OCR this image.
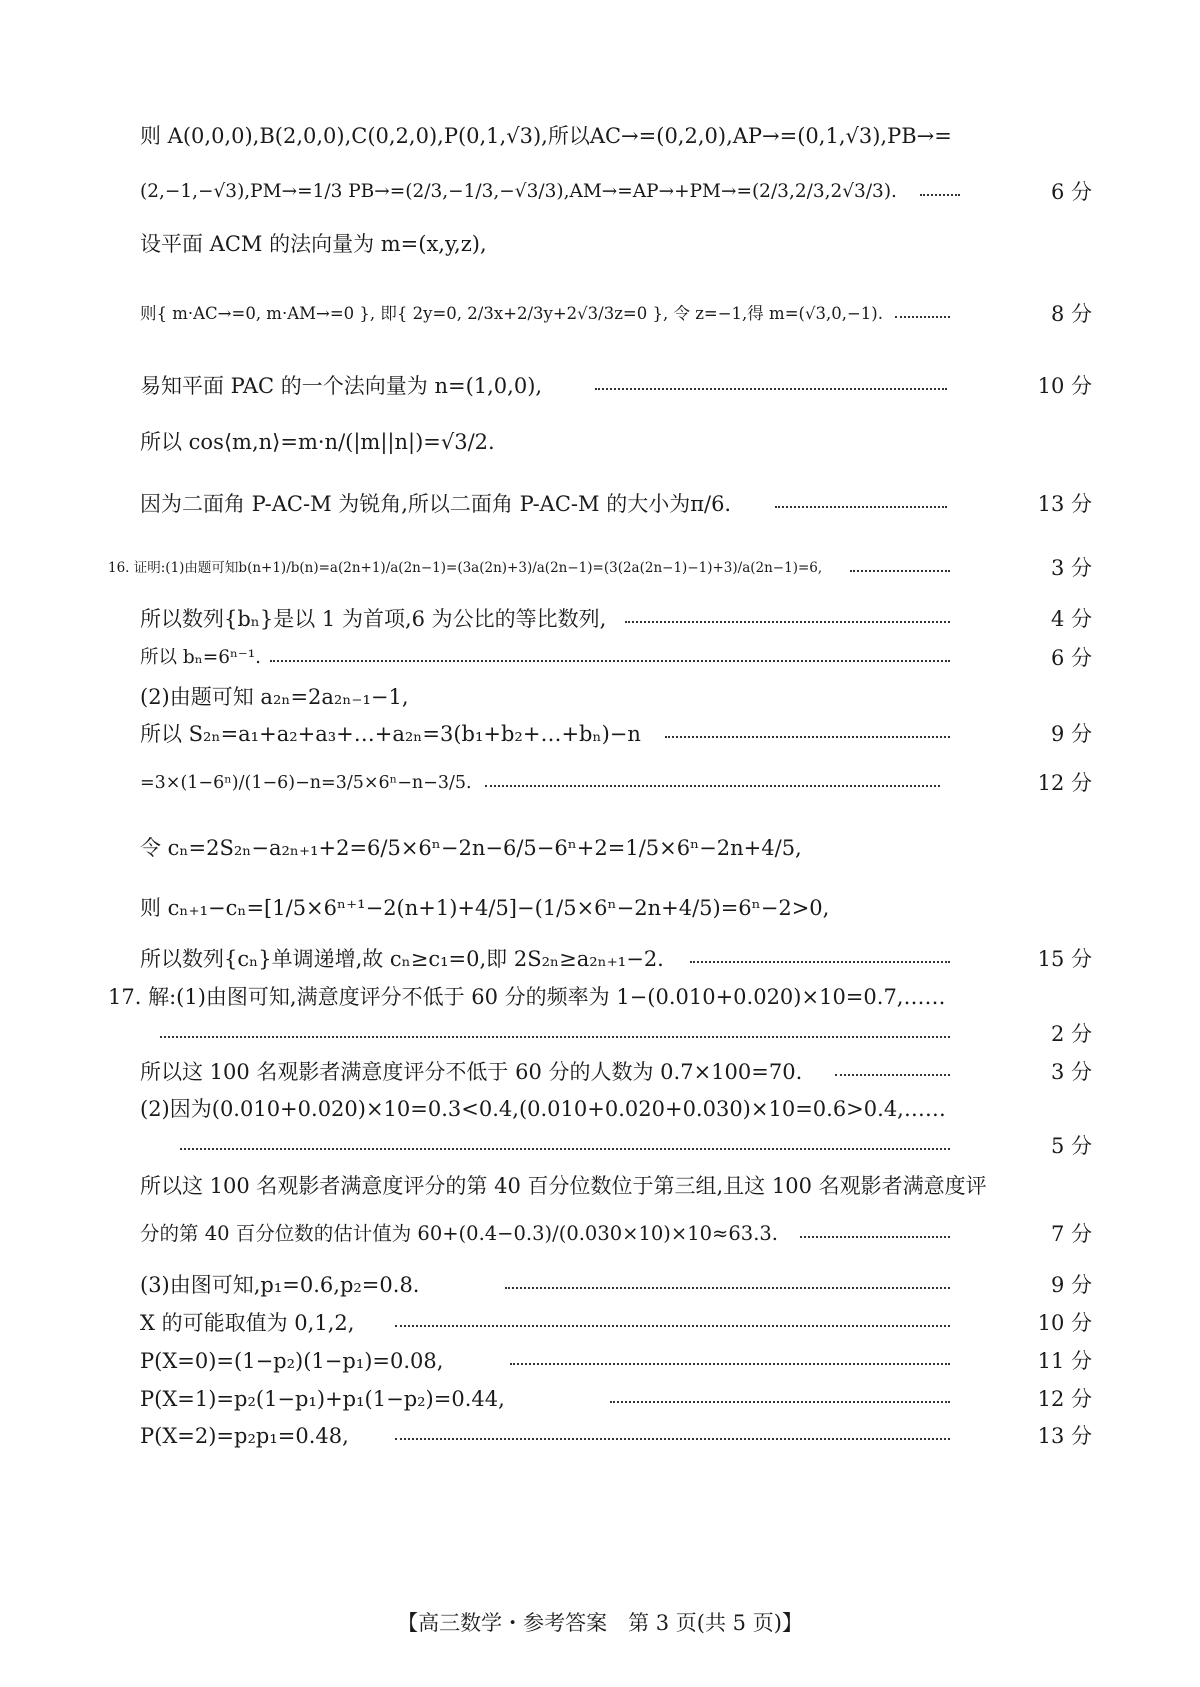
则 A(0,0,0),B(2,0,0),C(0,2,0),P(0,1,√3),所以AC→=(0,2,0),AP→=(0,1,√3),PB→=
(2,−1,−√3),PM→=1/3 PB→=(2/3,−1/3,−√3/3),AM→=AP→+PM→=(2/3,2/3,2√3/3).	6 分
设平面 ACM 的法向量为 m=(x,y,z),
则{ m·AC→=0, m·AM→=0 }, 即{ 2y=0, 2/3x+2/3y+2√3/3z=0 }, 令 z=−1,得 m=(√3,0,−1).	8 分
易知平面 PAC 的一个法向量为 n=(1,0,0),	10 分
所以 cos⟨m,n⟩=m·n/(|m||n|)=√3/2.
因为二面角 P-AC-M 为锐角,所以二面角 P-AC-M 的大小为π/6.	13 分
16. 证明:(1)由题可知b(n+1)/b(n)=a(2n+1)/a(2n−1)=(3a(2n)+3)/a(2n−1)=(3(2a(2n−1)−1)+3)/a(2n−1)=6,	3 分
所以数列{bₙ}是以 1 为首项,6 为公比的等比数列,	4 分
所以 bₙ=6ⁿ⁻¹.	6 分
(2)由题可知 a₂ₙ=2a₂ₙ₋₁−1,
所以 S₂ₙ=a₁+a₂+a₃+…+a₂ₙ=3(b₁+b₂+…+bₙ)−n	9 分
=3×(1−6ⁿ)/(1−6)−n=3/5×6ⁿ−n−3/5.	12 分
令 cₙ=2S₂ₙ−a₂ₙ₊₁+2=6/5×6ⁿ−2n−6/5−6ⁿ+2=1/5×6ⁿ−2n+4/5,
则 cₙ₊₁−cₙ=[1/5×6ⁿ⁺¹−2(n+1)+4/5]−(1/5×6ⁿ−2n+4/5)=6ⁿ−2>0,
所以数列{cₙ}单调递增,故 cₙ≥c₁=0,即 2S₂ₙ≥a₂ₙ₊₁−2.	15 分
17. 解:(1)由图可知,满意度评分不低于 60 分的频率为 1−(0.010+0.020)×10=0.7,……
2 分
所以这 100 名观影者满意度评分不低于 60 分的人数为 0.7×100=70.	3 分
(2)因为(0.010+0.020)×10=0.3<0.4,(0.010+0.020+0.030)×10=0.6>0.4,……
5 分
所以这 100 名观影者满意度评分的第 40 百分位数位于第三组,且这 100 名观影者满意度评
分的第 40 百分位数的估计值为 60+(0.4−0.3)/(0.030×10)×10≈63.3.	7 分
(3)由图可知,p₁=0.6,p₂=0.8.	9 分
X 的可能取值为 0,1,2,	10 分
P(X=0)=(1−p₂)(1−p₁)=0.08,	11 分
P(X=1)=p₂(1−p₁)+p₁(1−p₂)=0.44,	12 分
P(X=2)=p₂p₁=0.48,	13 分
【高三数学・参考答案　第 3 页(共 5 页)】
